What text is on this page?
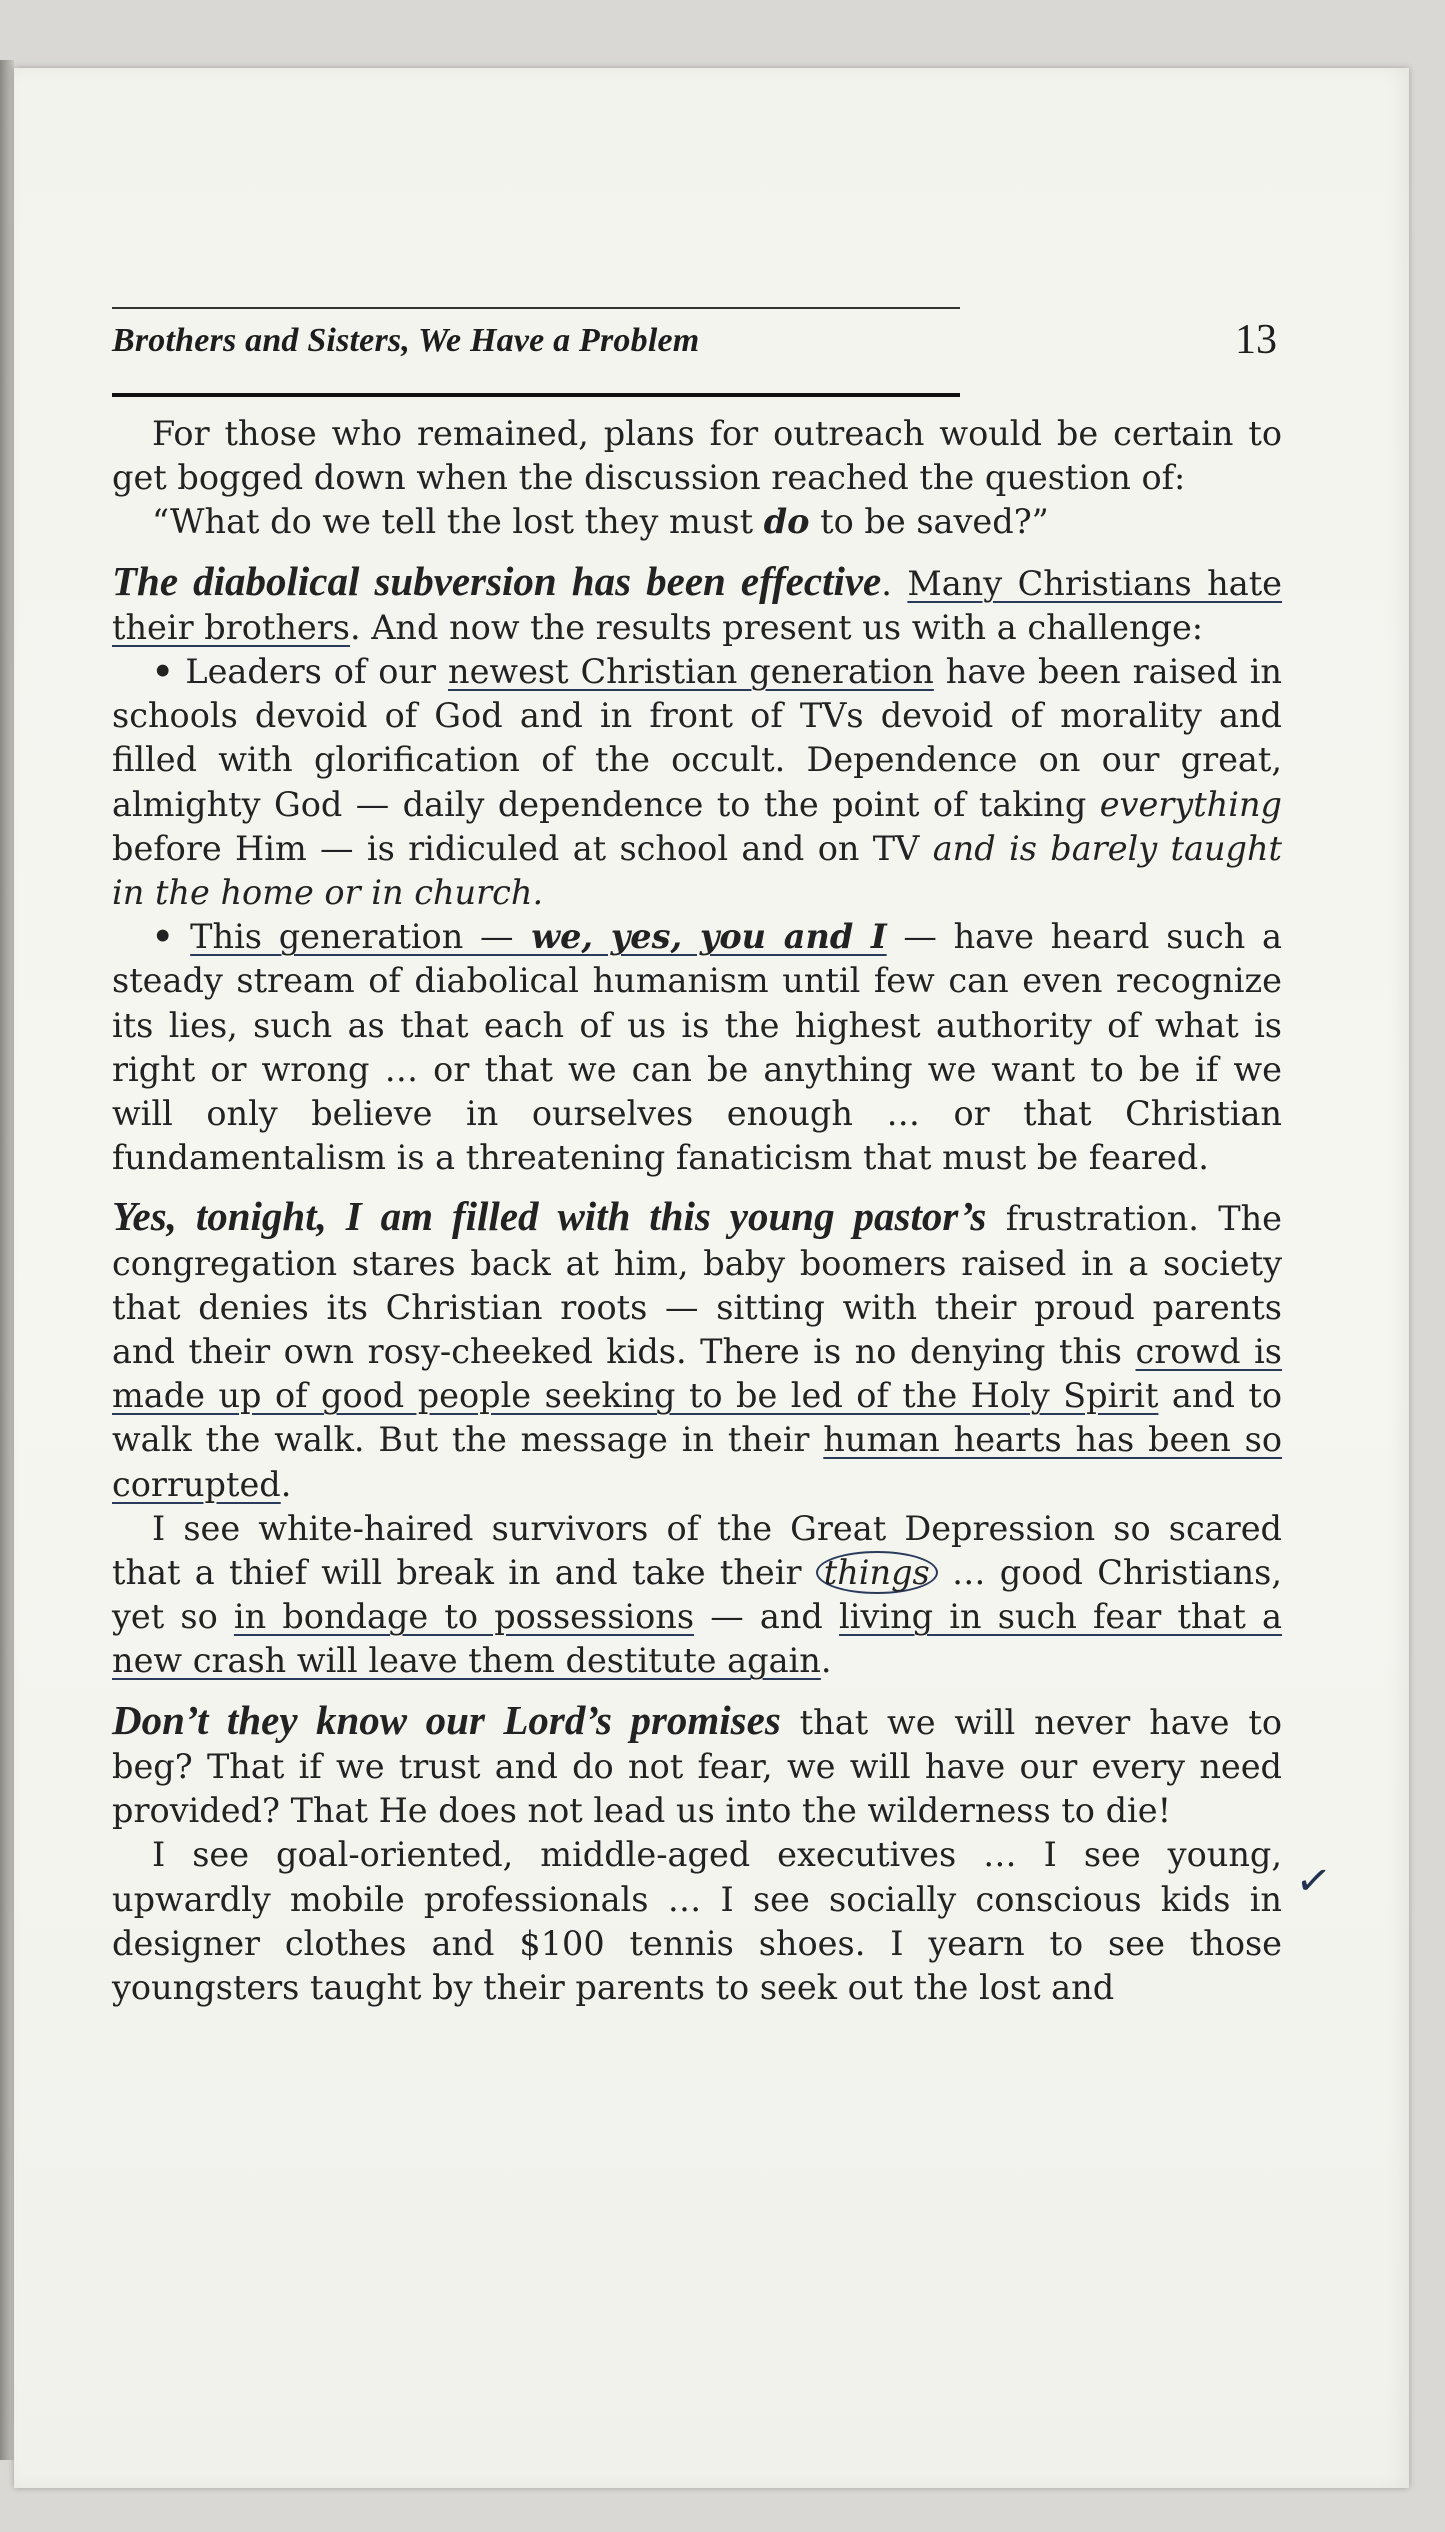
Brothers and Sisters, We Have a Problem	13

For those who remained, plans for outreach would be certain to get bogged down when the discussion reached the question of:

“What do we tell the lost they must do to be saved?”

The diabolical subversion has been effective. Many Christians hate their brothers. And now the results present us with a challenge:

• Leaders of our newest Christian generation have been raised in schools devoid of God and in front of TVs devoid of morality and filled with glorification of the occult. Dependence on our great, almighty God — daily dependence to the point of taking everything before Him — is ridiculed at school and on TV and is barely taught in the home or in church.

• This generation — we, yes, you and I — have heard such a steady stream of diabolical humanism until few can even recognize its lies, such as that each of us is the highest authority of what is right or wrong … or that we can be anything we want to be if we will only believe in ourselves enough … or that Christian fundamentalism is a threatening fanaticism that must be feared.

Yes, tonight, I am filled with this young pastor’s frustration. The congregation stares back at him, baby boomers raised in a society that denies its Christian roots — sitting with their proud parents and their own rosy-cheeked kids. There is no denying this crowd is made up of good people seeking to be led of the Holy Spirit and to walk the walk. But the message in their human hearts has been so corrupted.

I see white-haired survivors of the Great Depression so scared that a thief will break in and take their things … good Christians, yet so in bondage to possessions — and living in such fear that a new crash will leave them destitute again.

Don’t they know our Lord’s promises that we will never have to beg? That if we trust and do not fear, we will have our every need provided? That He does not lead us into the wilderness to die!

I see goal-oriented, middle-aged executives … I see young, upwardly mobile professionals … I see socially conscious kids in designer clothes and $100 tennis shoes. I yearn to see those youngsters taught by their parents to seek out the lost and

✓
